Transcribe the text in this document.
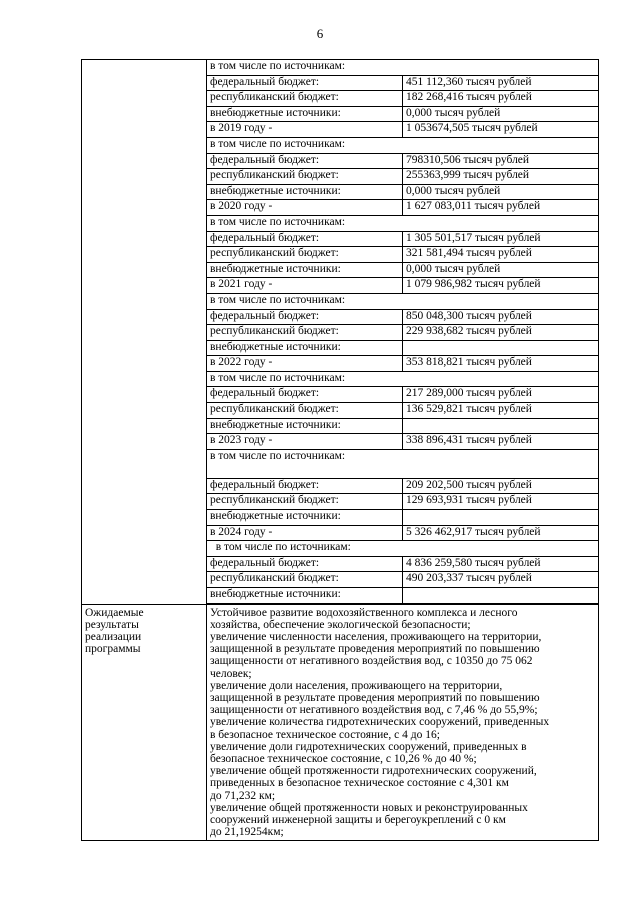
6

в том числе по источникам:
федеральный бюджет:	451 112,360 тысяч рублей
республиканский бюджет:	182 268,416 тысяч рублей
внебюджетные источники:	0,000 тысяч рублей
в 2019 году -	1 053674,505 тысяч рублей
в том числе по источникам:
федеральный бюджет:	798310,506 тысяч рублей
республиканский бюджет:	255363,999 тысяч рублей
внебюджетные источники:	0,000 тысяч рублей
в 2020 году -	1 627 083,011 тысяч рублей
в том числе по источникам:
федеральный бюджет:	1 305 501,517 тысяч рублей
республиканский бюджет:	321 581,494 тысяч рублей
внебюджетные источники:	0,000 тысяч рублей
в 2021 году -	1 079 986,982 тысяч рублей
в том числе по источникам:
федеральный бюджет:	850 048,300 тысяч рублей
республиканский бюджет:	229 938,682 тысяч рублей
внебюджетные источники:	
в 2022 году -	353 818,821 тысяч рублей
в том числе по источникам:
федеральный бюджет:	217 289,000 тысяч рублей
республиканский бюджет:	136 529,821 тысяч рублей
внебюджетные источники:	
в 2023 году -	338 896,431 тысяч рублей
в том числе по источникам:
федеральный бюджет:	209 202,500 тысяч рублей
республиканский бюджет:	129 693,931 тысяч рублей
внебюджетные источники:	
в 2024 году -	5 326 462,917 тысяч рублей
в том числе по источникам:
федеральный бюджет:	4 836 259,580 тысяч рублей
республиканский бюджет:	490 203,337 тысяч рублей
внебюджетные источники:	

Ожидаемые
результаты
реализации
программы

Устойчивое развитие водохозяйственного комплекса и лесного
хозяйства, обеспечение экологической безопасности;
увеличение численности населения, проживающего на территории,
защищенной в результате проведения мероприятий по повышению
защищенности от негативного воздействия вод, с 10350 до 75 062
человек;
увеличение доли населения, проживающего на территории,
защищенной в результате проведения мероприятий по повышению
защищенности от негативного воздействия вод, с 7,46 % до 55,9%;
увеличение количества гидротехнических сооружений, приведенных
в безопасное техническое состояние, с 4 до 16;
увеличение доли гидротехнических сооружений, приведенных в
безопасное техническое состояние, с 10,26 % до 40 %;
увеличение общей протяженности гидротехнических сооружений,
приведенных в безопасное техническое состояние с 4,301 км
до 71,232 км;
увеличение общей протяженности новых и реконструированных
сооружений инженерной защиты и берегоукреплений с 0 км
до 21,19254км;
